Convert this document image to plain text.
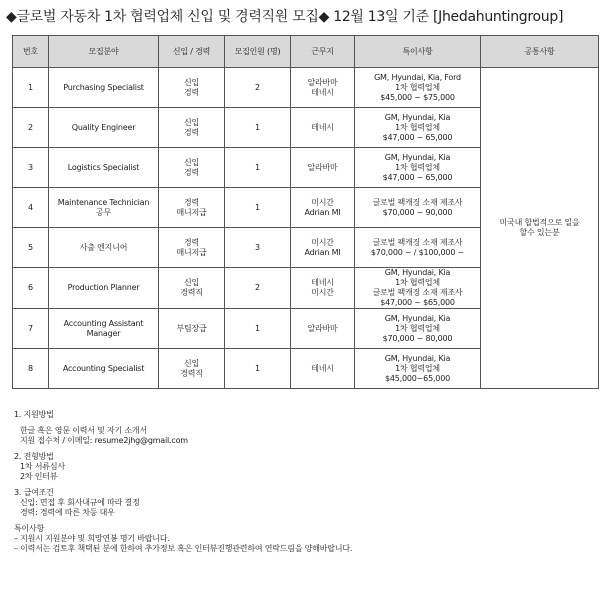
◆글로벌 자동차 1차 협력업체 신입 및 경력직원 모집◆ 12월 13일 기준 [Jhedahuntingroup]
번호	모집분야	신입 / 경력	모집인원 (명)	근무지	특이사항	공통사항
1	Purchasing Specialist	신입
경력	2	알라바마
테네시	GM, Hyundai, Kia, Ford
1차 협력업체
$45,000 ~ $75,000	미국내 합법적으로 일을
할수 있는분

2	Quality Engineer	신입
경력	1	테네시	GM, Hyundai, Kia
1차 협력업체
$47,000 ~ 65,000	

3	Logistics Specialist	신입
경력	1	알라바마	GM, Hyundai, Kia
1차 협력업체
$47,000 ~ 65,000	

4	Maintenance Technician
공무	경력
매니저급	1	미시간
Adrian MI	글로벌 팩캐징 소재 제조사
$70,000 ~ 90,000	

5	사출 엔지니어	경력
매니저급	3	미시간
Adrian MI	글로벌 팩캐징 소재 제조사
$70,000 ~ / $100,000 ~	

6	Production Planner	신입
경력직	2	테네시
미시간	GM, Hyundai, Kia
1차 협력업체
글로벌 팩캐징 소재 제조사
$47,000 ~ $65,000	

7	Accounting Assistant
Manager	부팀장급	1	알라바마	GM, Hyundai, Kia
1차 협력업체
$70,000 ~ 80,000	

8	Accounting Specialist	신입
경력직	1	테네시	GM, Hyundai, Kia
1차 협력업체
$45,000~65,000	
1. 지원방법
한글 혹은 영문 이력서 및 자기 소개서
지원 접수처 / 이메일: resume2jhg@gmail.com
2. 전형방법
1차 서류심사
2차 인터뷰
3. 급여조건
신입: 면접 후 회사내규에 따라 결정
경력: 경력에 따른 차등 대우
특이사항
– 지원시 지원분야 및 희망연봉 명기 바랍니다.
– 이력서는 검토후 책택된 분에 한하여 추가정보 혹은 인터뷰진행관련하여 연락드림을 양해바랍니다.
